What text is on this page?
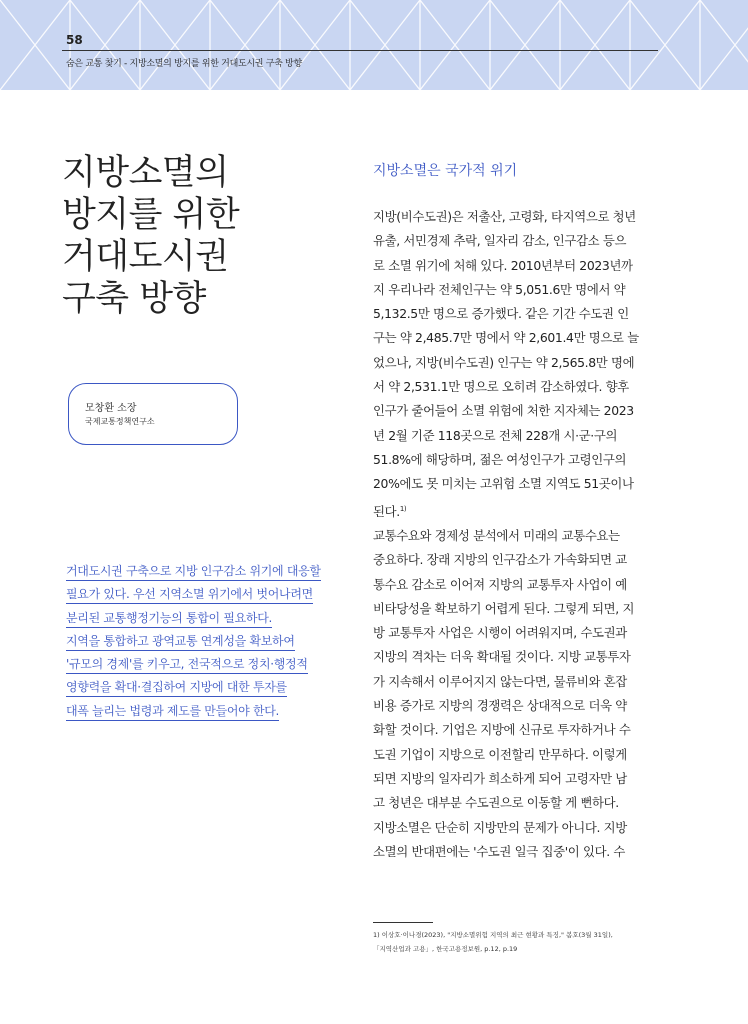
58
숨은 교통 찾기 - 지방소멸의 방지를 위한 거대도시권 구축 방향
지방소멸의
방지를 위한
거대도시권
구축 방향
모창환 소장
국제교통정책연구소
거대도시권 구축으로 지방 인구감소 위기에 대응할
필요가 있다. 우선 지역소멸 위기에서 벗어나려면
분리된 교통행정기능의 통합이 필요하다.
지역을 통합하고 광역교통 연계성을 확보하여
'규모의 경제'를 키우고, 전국적으로 정치·행정적
영향력을 확대·결집하여 지방에 대한 투자를
대폭 늘리는 법령과 제도를 만들어야 한다.
지방소멸은 국가적 위기
지방(비수도권)은 저출산, 고령화, 타지역으로 청년
유출, 서민경제 추락, 일자리 감소, 인구감소 등으
로 소멸 위기에 처해 있다. 2010년부터 2023년까
지 우리나라 전체인구는 약 5,051.6만 명에서 약
5,132.5만 명으로 증가했다. 같은 기간 수도권 인
구는 약 2,485.7만 명에서 약 2,601.4만 명으로 늘
었으나, 지방(비수도권) 인구는 약 2,565.8만 명에
서 약 2,531.1만 명으로 오히려 감소하였다. 향후
인구가 줄어들어 소멸 위험에 처한 지자체는 2023
년 2월 기준 118곳으로 전체 228개 시·군·구의
51.8%에 해당하며, 젊은 여성인구가 고령인구의
20%에도 못 미치는 고위험 소멸 지역도 51곳이나
된다.$^{1)}$
교통수요와 경제성 분석에서 미래의 교통수요는
중요하다. 장래 지방의 인구감소가 가속화되면 교
통수요 감소로 이어져 지방의 교통투자 사업이 예
비타당성을 확보하기 어렵게 된다. 그렇게 되면, 지
방 교통투자 사업은 시행이 어려워지며, 수도권과
지방의 격차는 더욱 확대될 것이다. 지방 교통투자
가 지속해서 이루어지지 않는다면, 물류비와 혼잡
비용 증가로 지방의 경쟁력은 상대적으로 더욱 약
화할 것이다. 기업은 지방에 신규로 투자하거나 수
도권 기업이 지방으로 이전할리 만무하다. 이렇게
되면 지방의 일자리가 희소하게 되어 고령자만 남
고 청년은 대부분 수도권으로 이동할 게 뻔하다.
지방소멸은 단순히 지방만의 문제가 아니다. 지방
소멸의 반대편에는 '수도권 일극 집중'이 있다. 수
1) 이상호·이나경(2023), "지방소멸위험 지역의 최근 현황과 특징," 봄호(3월 31일),
「지역산업과 고용」, 한국고용정보원, p.12, p.19
